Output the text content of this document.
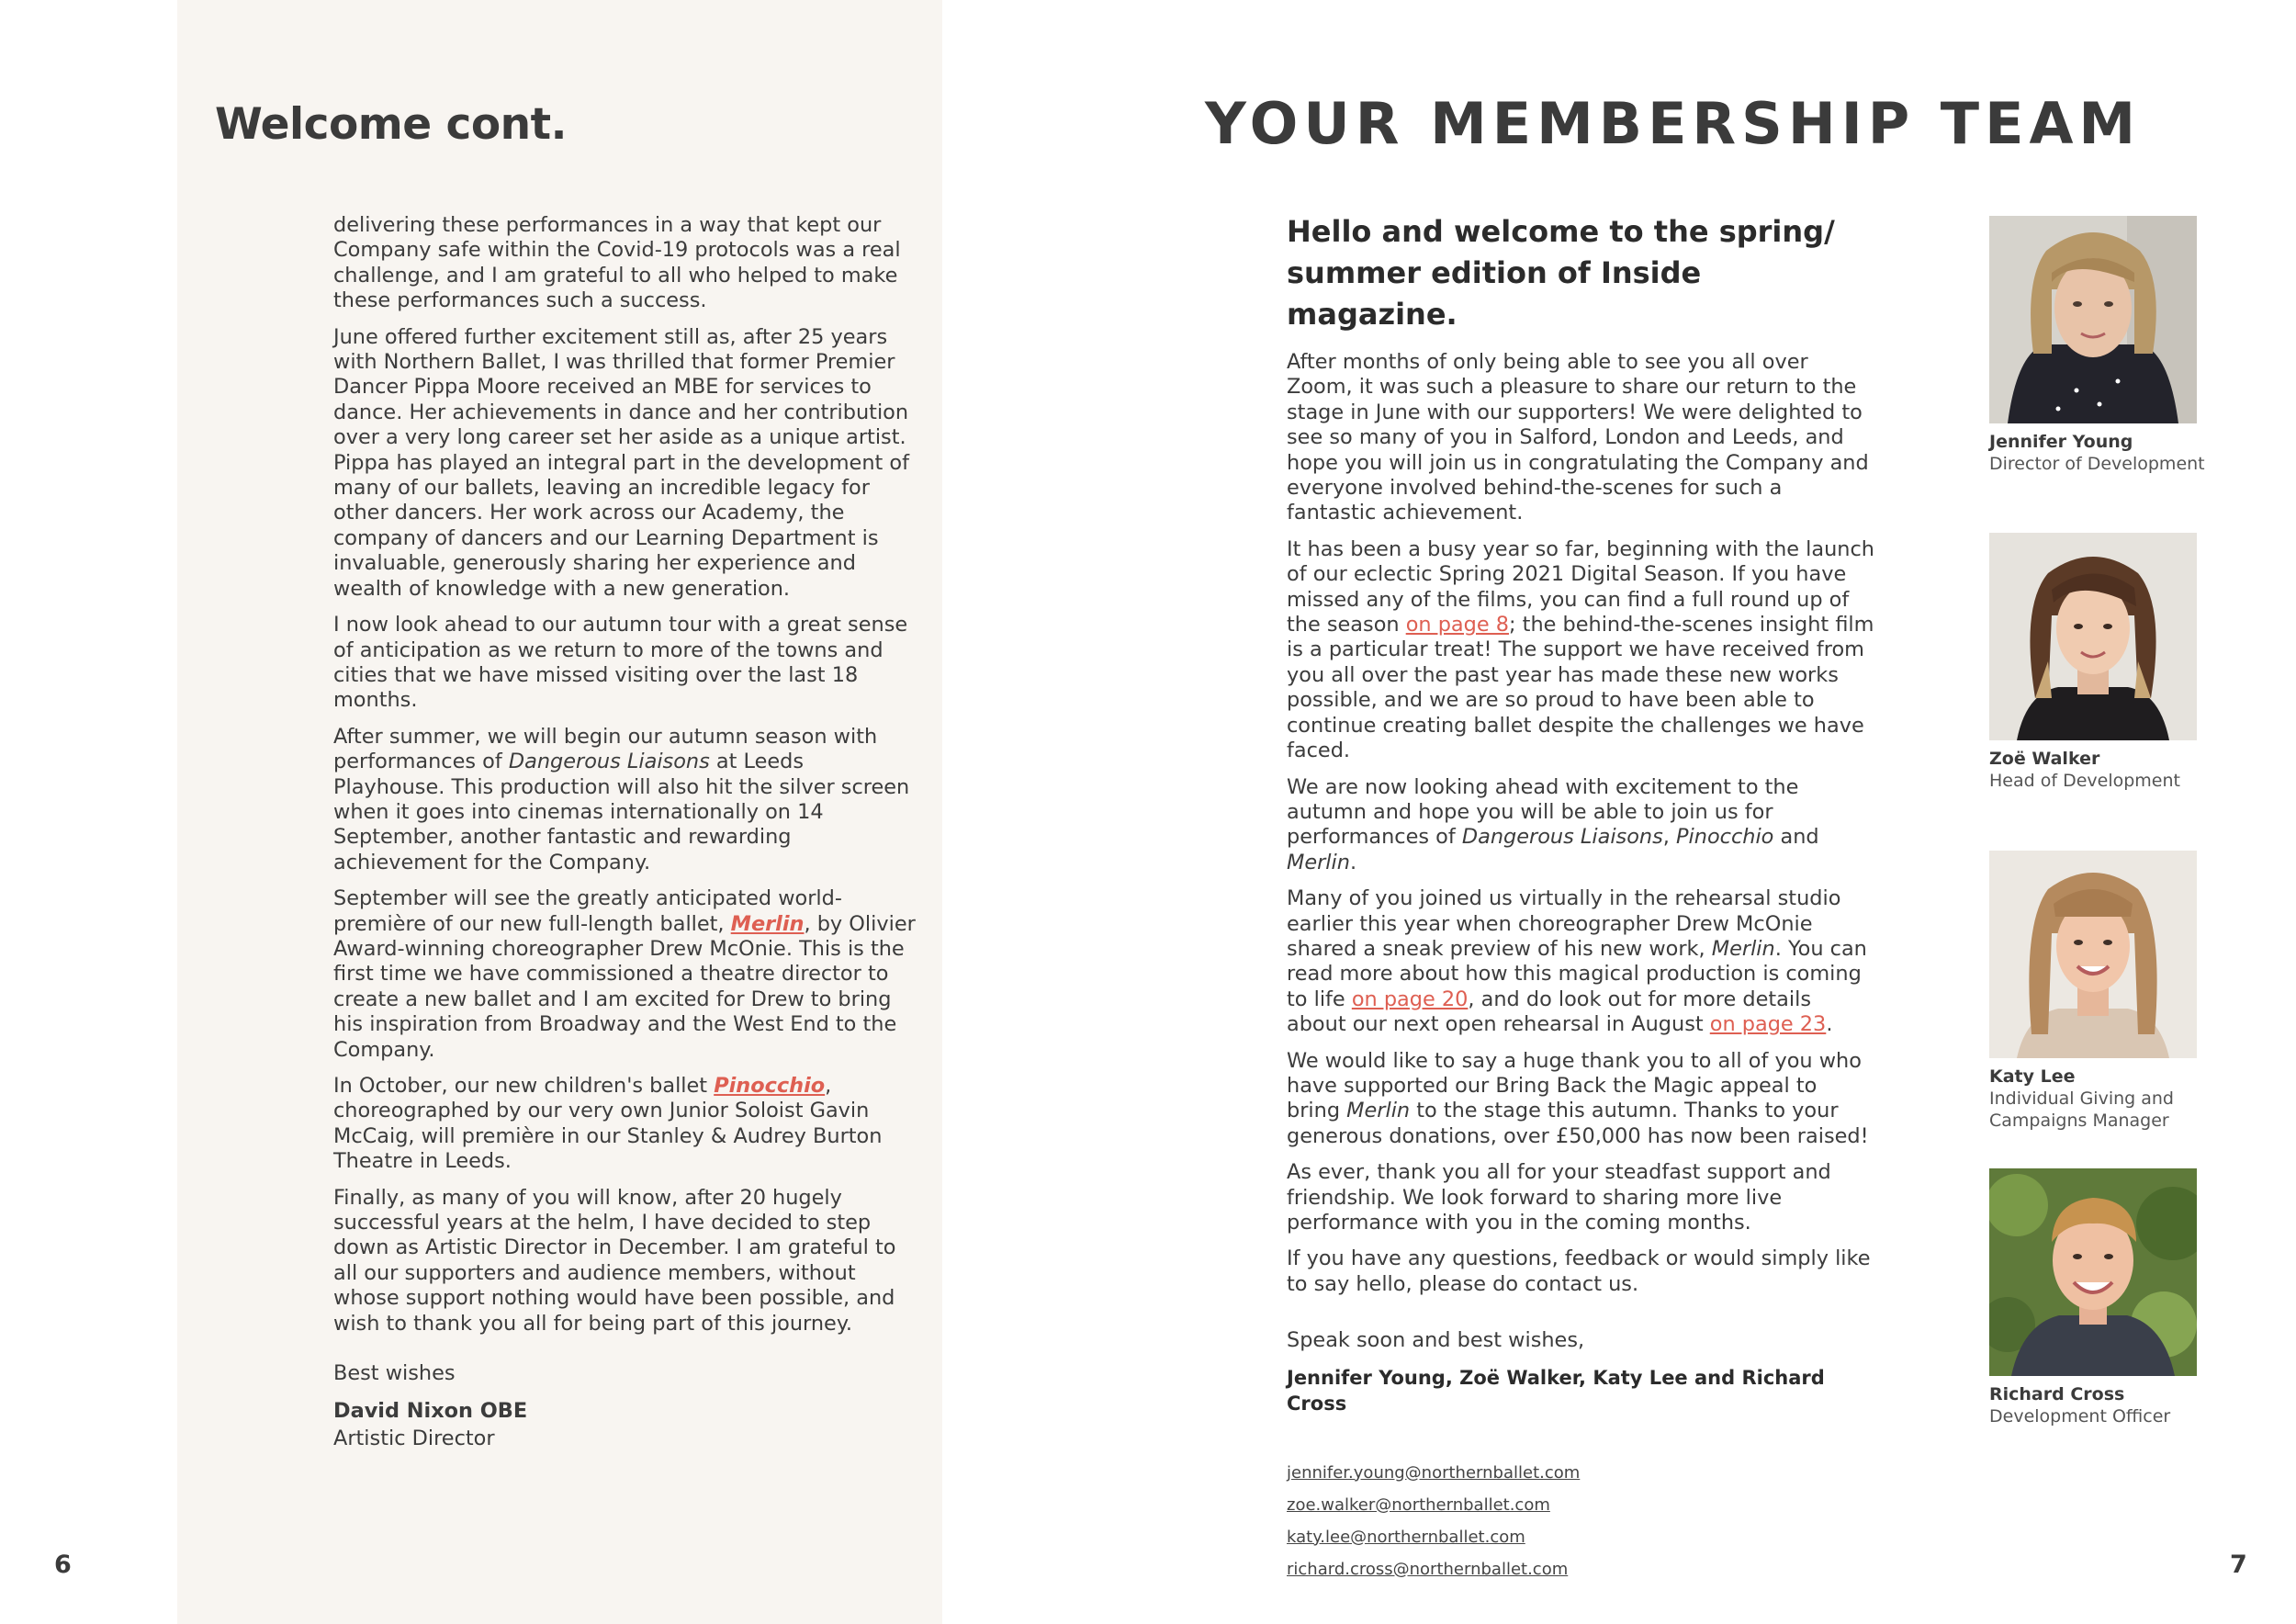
Welcome cont.

delivering these performances in a way that kept our Company safe within the Covid-19 protocols was a real challenge, and I am grateful to all who helped to make these performances such a success.

June offered further excitement still as, after 25 years with Northern Ballet, I was thrilled that former Premier Dancer Pippa Moore received an MBE for services to dance. Her achievements in dance and her contribution over a very long career set her aside as a unique artist. Pippa has played an integral part in the development of many of our ballets, leaving an incredible legacy for other dancers. Her work across our Academy, the company of dancers and our Learning Department is invaluable, generously sharing her experience and wealth of knowledge with a new generation.

I now look ahead to our autumn tour with a great sense of anticipation as we return to more of the towns and cities that we have missed visiting over the last 18 months.

After summer, we will begin our autumn season with performances of Dangerous Liaisons at Leeds Playhouse. This production will also hit the silver screen when it goes into cinemas internationally on 14 September, another fantastic and rewarding achievement for the Company.

September will see the greatly anticipated world-première of our new full-length ballet, Merlin, by Olivier Award-winning choreographer Drew McOnie. This is the first time we have commissioned a theatre director to create a new ballet and I am excited for Drew to bring his inspiration from Broadway and the West End to the Company.

In October, our new children's ballet Pinocchio, choreographed by our very own Junior Soloist Gavin McCaig, will première in our Stanley & Audrey Burton Theatre in Leeds.

Finally, as many of you will know, after 20 hugely successful years at the helm, I have decided to step down as Artistic Director in December. I am grateful to all our supporters and audience members, without whose support nothing would have been possible, and wish to thank you all for being part of this journey.

Best wishes

David Nixon OBE

Artistic Director

6
YOUR MEMBERSHIP TEAM

Hello and welcome to the spring/ summer edition of Inside magazine.

After months of only being able to see you all over Zoom, it was such a pleasure to share our return to the stage in June with our supporters! We were delighted to see so many of you in Salford, London and Leeds, and hope you will join us in congratulating the Company and everyone involved behind-the-scenes for such a fantastic achievement.

It has been a busy year so far, beginning with the launch of our eclectic Spring 2021 Digital Season. If you have missed any of the films, you can find a full round up of the season on page 8; the behind-the-scenes insight film is a particular treat! The support we have received from you all over the past year has made these new works possible, and we are so proud to have been able to continue creating ballet despite the challenges we have faced.

We are now looking ahead with excitement to the autumn and hope you will be able to join us for performances of Dangerous Liaisons, Pinocchio and Merlin.

Many of you joined us virtually in the rehearsal studio earlier this year when choreographer Drew McOnie shared a sneak preview of his new work, Merlin. You can read more about how this magical production is coming to life on page 20, and do look out for more details about our next open rehearsal in August on page 23.

We would like to say a huge thank you to all of you who have supported our Bring Back the Magic appeal to bring Merlin to the stage this autumn. Thanks to your generous donations, over £50,000 has now been raised!

As ever, thank you all for your steadfast support and friendship. We look forward to sharing more live performance with you in the coming months.

If you have any questions, feedback or would simply like to say hello, please do contact us.

Speak soon and best wishes,

Jennifer Young, Zoë Walker, Katy Lee and Richard Cross

jennifer.young@northernballet.com
zoe.walker@northernballet.com
katy.lee@northernballet.com
richard.cross@northernballet.com

Jennifer Young

Director of Development

Zoë Walker

Head of Development

Katy Lee

Individual Giving and Campaigns Manager

Richard Cross

Development Officer

7
